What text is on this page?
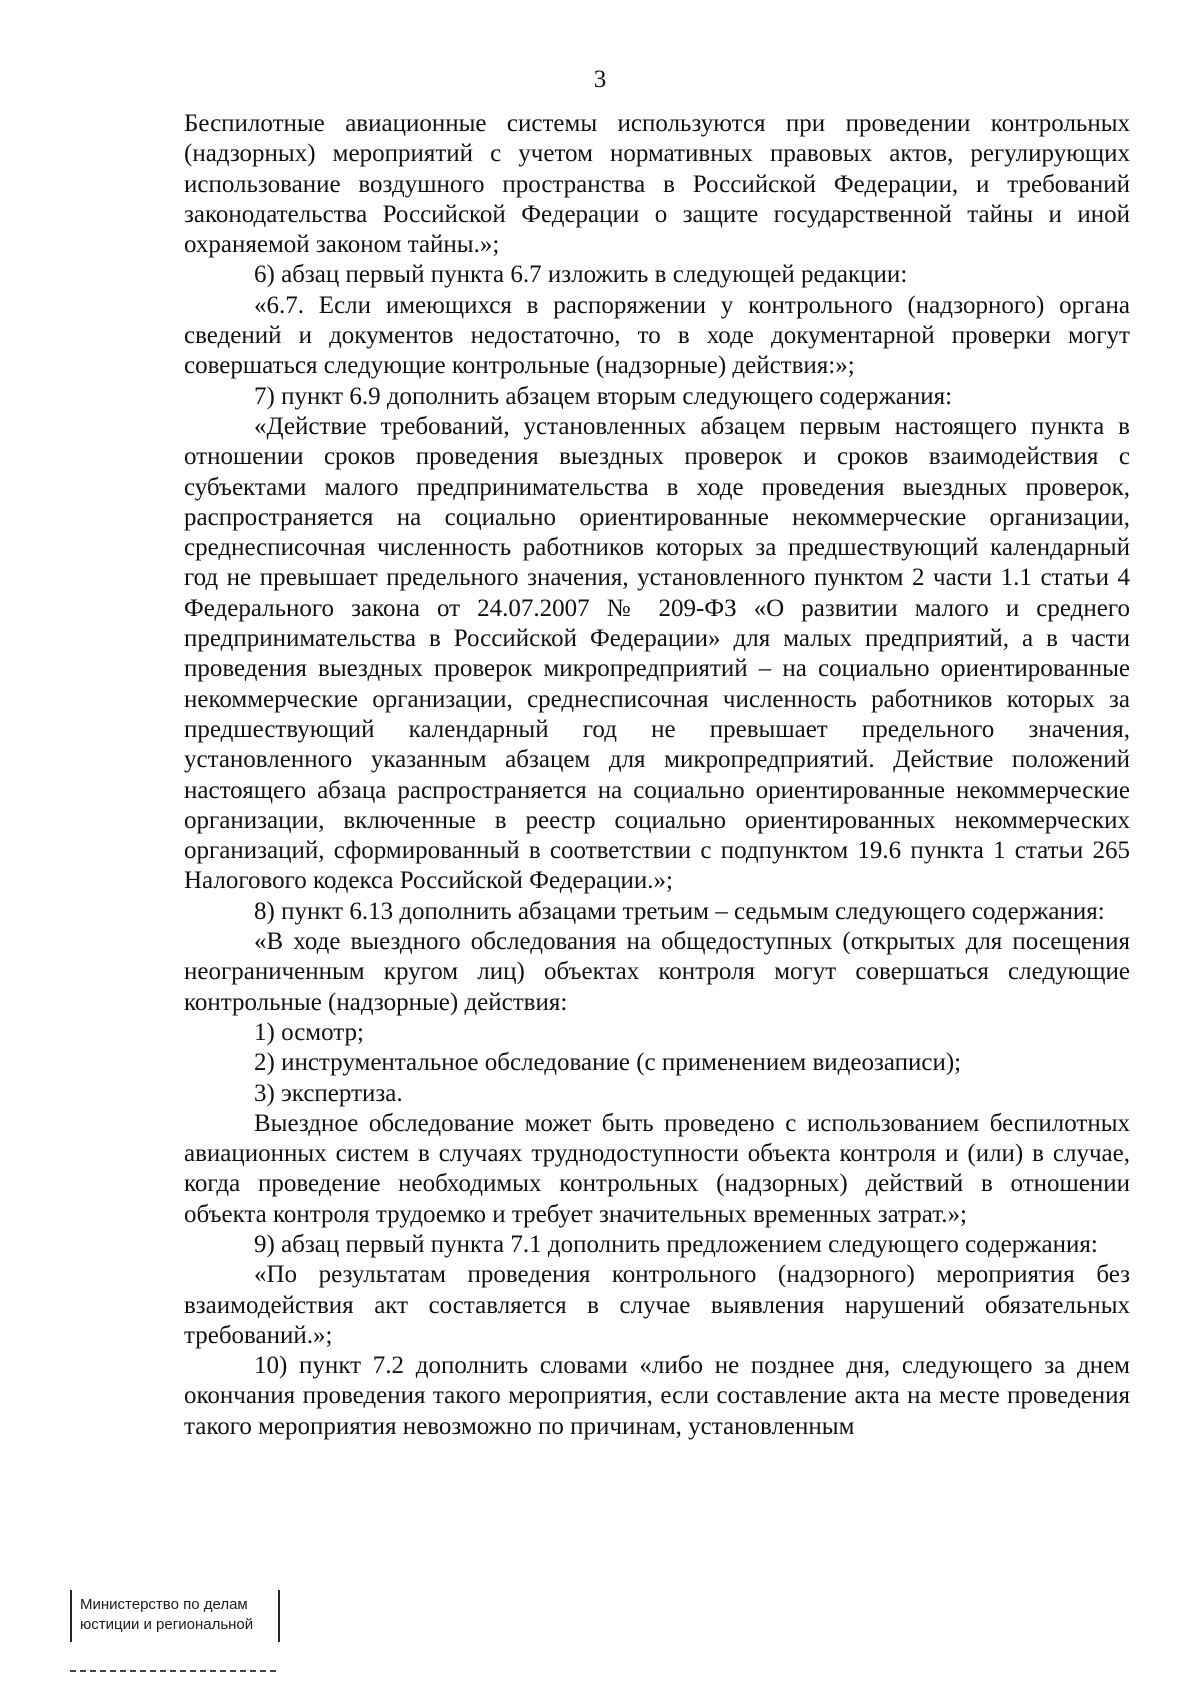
3

Беспилотные авиационные системы используются при проведении контрольных (надзорных) мероприятий с учетом нормативных правовых актов, регулирующих использование воздушного пространства в Российской Федерации, и требований законодательства Российской Федерации о защите государственной тайны и иной охраняемой законом тайны.»;

6) абзац первый пункта 6.7 изложить в следующей редакции:

«6.7. Если имеющихся в распоряжении у контрольного (надзорного) органа сведений и документов недостаточно, то в ходе документарной проверки могут совершаться следующие контрольные (надзорные) действия:»;

7) пункт 6.9 дополнить абзацем вторым следующего содержания:

«Действие требований, установленных абзацем первым настоящего пункта в отношении сроков проведения выездных проверок и сроков взаимодействия с субъектами малого предпринимательства в ходе проведения выездных проверок, распространяется на социально ориентированные некоммерческие организации, среднесписочная численность работников которых за предшествующий календарный год не превышает предельного значения, установленного пунктом 2 части 1.1 статьи 4 Федерального закона от 24.07.2007 № 209-ФЗ «О развитии малого и среднего предпринимательства в Российской Федерации» для малых предприятий, а в части проведения выездных проверок микропредприятий – на социально ориентированные некоммерческие организации, среднесписочная численность работников которых за предшествующий календарный год не превышает предельного значения, установленного указанным абзацем для микропредприятий. Действие положений настоящего абзаца распространяется на социально ориентированные некоммерческие организации, включенные в реестр социально ориентированных некоммерческих организаций, сформированный в соответствии с подпунктом 19.6 пункта 1 статьи 265 Налогового кодекса Российской Федерации.»;

8) пункт 6.13 дополнить абзацами третьим – седьмым следующего содержания:

«В ходе выездного обследования на общедоступных (открытых для посещения неограниченным кругом лиц) объектах контроля могут совершаться следующие контрольные (надзорные) действия:

1) осмотр;

2) инструментальное обследование (с применением видеозаписи);

3) экспертиза.

Выездное обследование может быть проведено с использованием беспилотных авиационных систем в случаях труднодоступности объекта контроля и (или) в случае, когда проведение необходимых контрольных (надзорных) действий в отношении объекта контроля трудоемко и требует значительных временных затрат.»;

9) абзац первый пункта 7.1 дополнить предложением следующего содержания:

«По результатам проведения контрольного (надзорного) мероприятия без взаимодействия акт составляется в случае выявления нарушений обязательных требований.»;

10) пункт 7.2 дополнить словами «либо не позднее дня, следующего за днем окончания проведения такого мероприятия, если составление акта на месте проведения такого мероприятия невозможно по причинам, установленным

Министерство по делам
юстиции и региональной
